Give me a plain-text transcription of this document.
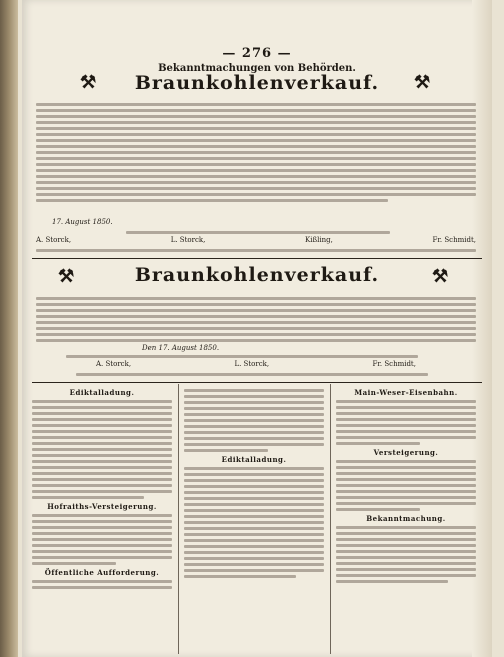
— 276 —
Bekanntmachungen von Behörden.
⚒	Braunkohlenverkauf.	⚒
17. August 1850.
A. Storck,	L. Storck,	Kißling,	Fr. Schmidt,
⚒	Braunkohlenverkauf.	⚒
Den 17. August 1850.
A. Storck,	L. Storck,	Fr. Schmidt,
Ediktalladung.
Hofraiths-Versteigerung.
Öffentliche Aufforderung.
Ediktalladung.
Main-Weser-Eisenbahn.
Versteigerung.
Bekanntmachung.
